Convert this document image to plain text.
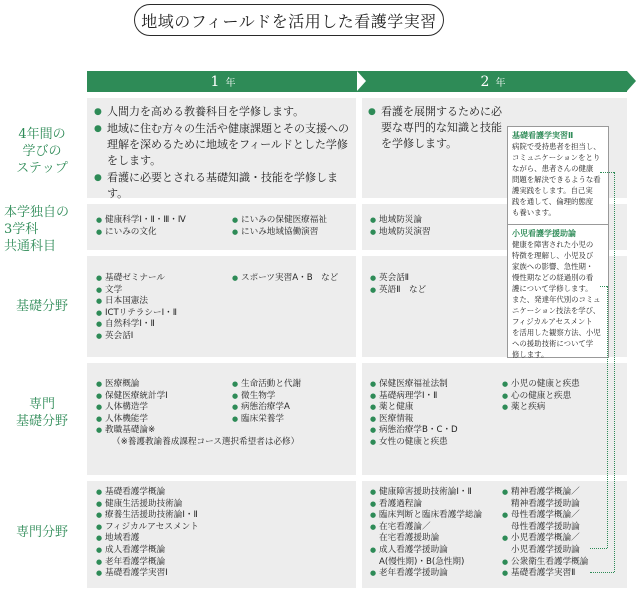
地域のフィールドを活用した看護学実習
1 年	2 年
4年間の
学びの
ステップ
本学独自の
3学科
共通科目
基礎分野
専門
基礎分野
専門分野
● 人間力を高める教養科目を学修します。
● 地域に住む方々の生活や健康課題とその支援への理解を深めるために地域をフィールドとした学修をします。
● 看護に必要とされる基礎知識・技能を学修します。
● 看護を展開するために必要な専門的な知識と技能を学修します。
● 健康科学Ⅰ・Ⅱ・Ⅲ・Ⅳ
● にいみの文化
● にいみの保健医療福祉
● にいみ地域協働演習
● 地域防災論
● 地域防災演習
● 基礎ゼミナール
● 文学
● 日本国憲法
● ICTリテラシーⅠ・Ⅱ
● 自然科学Ⅰ・Ⅱ
● 英会話Ⅰ
● スポーツ実習A・B　など
●	英会話Ⅱ
● 英語Ⅱ　など
● 医療概論
● 保健医療統計学Ⅰ
● 人体構造学
● 人体機能学
● 教職基礎論※
● 生命活動と代謝
● 微生物学
● 病態治療学A
● 臨床栄養学
（※養護教諭養成課程コース選択希望者は必修）
● 保健医療福祉法制
● 基礎病理学Ⅰ・Ⅱ
● 薬と健康
● 医療情報
● 病態治療学B・C・D
● 女性の健康と疾患
● 小児の健康と疾患
● 心の健康と疾患
● 薬と疾病
● 基礎看護学概論
● 健康生活援助技術論
● 療養生活援助技術論Ⅰ・Ⅱ
● フィジカルアセスメント
● 地域看護
● 成人看護学概論
● 老年看護学概論
● 基礎看護学実習Ⅰ
● 健康障害援助技術論Ⅰ・Ⅱ
● 看護過程論
● 臨床判断と臨床看護学総論
● 在宅看護論／
在宅看護援助論
● 成人看護学援助論
A(慢性期)・B(急性期)
● 老年看護学援助論
● 精神看護学概論／
精神看護学援助論
● 母性看護学概論／
母性看護学援助論
● 小児看護学概論／
小児看護学援助論
● 公衆衛生看護学概論
● 基礎看護学実習Ⅱ
基礎看護学実習Ⅱ
病院で受持患者を担当し、
コミュニケーションをとり
ながら、患者さんの健康
問題を解決できるような看
護実践をします。自己実
践を通して、倫理的態度
も養います。
小児看護学援助論
健康を障害された小児の
特徴を理解し、小児及び
家族への影響、急性期・
慢性期などの経過別の看
護について学修します。
また、発達年代別のコミュ
ニケーション技法を学び、
フィジカルアセスメント
を活用した観察方法、小児
への援助技術について学
修します。
